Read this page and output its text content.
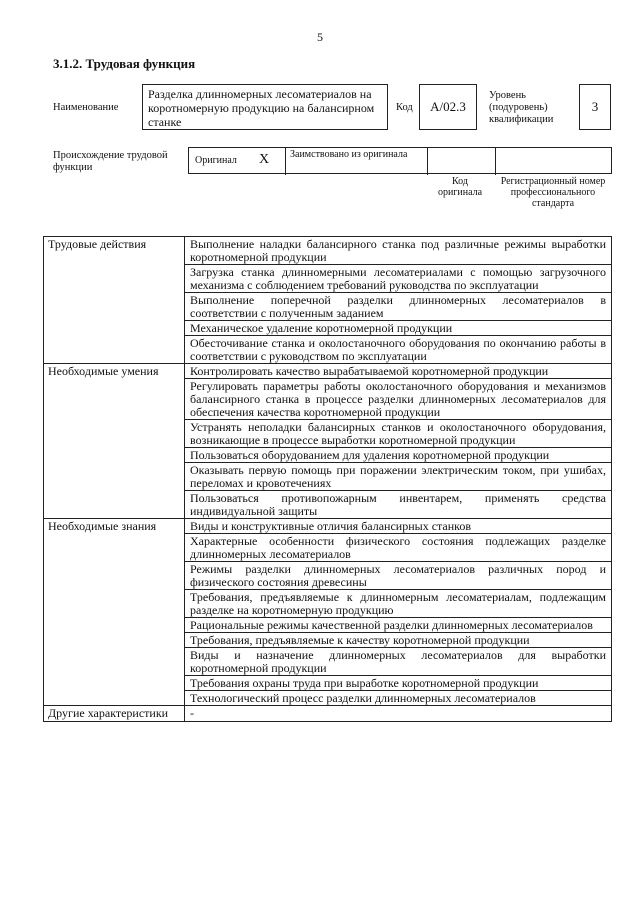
5
3.1.2. Трудовая функция
Наименование
Разделка длинномерных лесоматериалов на коротномерную продукцию на балансирном станке
Код	А/02.3
Уровень (подуровень) квалификации
3
Происхождение трудовой функции
Оригинал X	Заимствовано из оригинала
Код оригинала
Регистрационный номер профессионального стандарта
Трудовые действия	Выполнение наладки балансирного станка под различные режимы выработки коротномерной продукции
	Загрузка станка длинномерными лесоматериалами с помощью загрузочного механизма с соблюдением требований руководства по эксплуатации
	Выполнение поперечной разделки длинномерных лесоматериалов в соответствии с полученным заданием
	Механическое удаление коротномерной продукции
	Обесточивание станка и околостаночного оборудования по окончанию работы в соответствии с руководством по эксплуатации
Необходимые умения	Контролировать качество вырабатываемой коротномерной продукции
	Регулировать параметры работы околостаночного оборудования и механизмов балансирного станка в процессе разделки длинномерных лесоматериалов для обеспечения качества коротномерной продукции
	Устранять неполадки балансирных станков и околостаночного оборудования, возникающие в процессе выработки коротномерной продукции
	Пользоваться оборудованием для удаления коротномерной продукции
	Оказывать первую помощь при поражении электрическим током, при ушибах, переломах и кровотечениях
	Пользоваться противопожарным инвентарем, применять средства индивидуальной защиты
Необходимые знания	Виды и конструктивные отличия балансирных станков
	Характерные особенности физического состояния подлежащих разделке длинномерных лесоматериалов
	Режимы разделки длинномерных лесоматериалов различных пород и физического состояния древесины
	Требования, предъявляемые к длинномерным лесоматериалам, подлежащим разделке на коротномерную продукцию
	Рациональные режимы качественной разделки длинномерных лесоматериалов
	Требования, предъявляемые к качеству коротномерной продукции
	Виды и назначение длинномерных лесоматериалов для выработки коротномерной продукции
	Требования охраны труда при выработке коротномерной продукции
	Технологический процесс разделки длинномерных лесоматериалов
Другие характеристики	-
